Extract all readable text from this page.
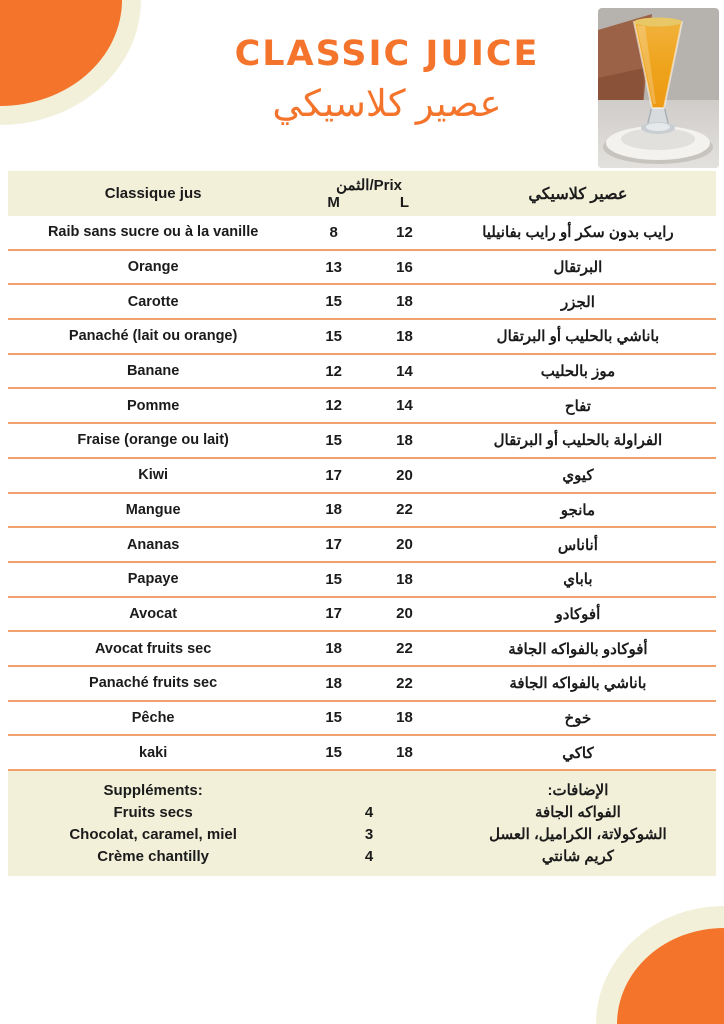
CLASSIC JUICE
عصير كلاسيكي
Classique jus	Prix/الثمن
M	L	عصير كلاسيكي
Raib sans sucre ou à la vanille	8	12	رايب بدون سكر أو رايب بفانيليا
Orange	13	16	البرتقال
Carotte	15	18	الجزر
Panaché (lait ou orange)	15	18	باناشي بالحليب أو البرتقال
Banane	12	14	موز بالحليب
Pomme	12	14	تفاح
Fraise (orange ou lait)	15	18	الفراولة بالحليب أو البرتقال
Kiwi	17	20	كيوي
Mangue	18	22	مانجو
Ananas	17	20	أناناس
Papaye	15	18	باباي
Avocat	17	20	أفوكادو
Avocat fruits sec	18	22	أفوكادو بالفواكه الجافة
Panaché fruits sec	18	22	باناشي بالفواكه الجافة
Pêche	15	18	خوخ
kaki	15	18	كاكي
Suppléments:	الإضافات:
Fruits secs	4	الفواكه الجافة
Chocolat, caramel, miel	3	الشوكولاتة، الكراميل، العسل
Crème chantilly	4	كريم شانتي
